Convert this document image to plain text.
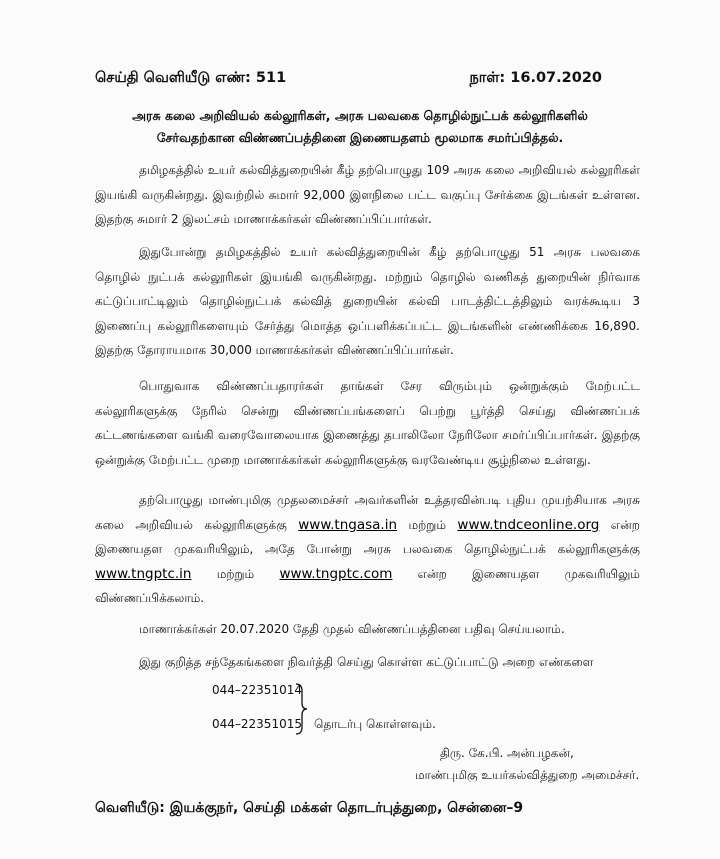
செய்தி வெளியீடு எண்: 511	நாள்: 16.07.2020
அரசு கலை அறிவியல் கல்லூரிகள், அரசு பலவகை தொழில்நுட்பக் கல்லூரிகளில்
சேர்வதற்கான விண்ணப்பத்தினை இணையதளம் மூலமாக சமர்ப்பித்தல்.
தமிழகத்தில் உயர் கல்வித்துறையின் கீழ் தற்பொழுது 109 அரசு கலை அறிவியல் கல்லூரிகள் இயங்கி வருகின்றது. இவற்றில் சுமார் 92,000 இளநிலை பட்ட வகுப்பு சேர்க்கை இடங்கள் உள்ளன. இதற்கு சுமார் 2 இலட்சம் மாணாக்கர்கள் விண்ணப்பிப்பார்கள்.
இதுபோன்று தமிழகத்தில் உயர் கல்வித்துறையின் கீழ் தற்பொழுது 51 அரசு பலவகை தொழில் நுட்பக் கல்லூரிகள் இயங்கி வருகின்றது. மற்றும் தொழில் வணிகத் துறையின் நிர்வாக கட்டுப்பாட்டிலும் தொழில்நுட்பக் கல்வித் துறையின் கல்வி பாடத்திட்டத்திலும் வரக்கூடிய 3 இணைப்பு கல்லூரிகளையும் சேர்த்து மொத்த ஒப்பளிக்கப்பட்ட இடங்களின் எண்ணிக்கை 16,890. இதற்கு தோராயமாக 30,000 மாணாக்கர்கள் விண்ணப்பிப்பார்கள்.
பொதுவாக விண்ணப்பதாரர்கள் தாங்கள் சேர விரும்பும் ஒன்றுக்கும் மேற்பட்ட கல்லூரிகளுக்கு நேரில் சென்று விண்ணப்பங்களைப் பெற்று பூர்த்தி செய்து விண்ணப்பக் கட்டணங்களை வங்கி வரைவோலையாக இணைத்து தபாலிலோ நேரிலோ சமர்ப்பிப்பார்கள். இதற்கு ஒன்றுக்கு மேற்பட்ட முறை மாணாக்கர்கள் கல்லூரிகளுக்கு வரவேண்டிய சூழ்நிலை உள்ளது.
தற்பொழுது மாண்புமிகு முதலமைச்சர் அவர்களின் உத்தரவின்படி புதிய முயற்சியாக அரசு கலை அறிவியல் கல்லூரிகளுக்கு www.tngasa.in மற்றும் www.tndceonline.org என்ற இணையதள முகவரியிலும், அதே போன்று அரசு பலவகை தொழில்நுட்பக் கல்லூரிகளுக்கு www.tngptc.in மற்றும் www.tngptc.com என்ற இணையதள முகவரியிலும் விண்ணப்பிக்கலாம்.
மாணாக்கர்கள் 20.07.2020 தேதி முதல் விண்ணப்பத்தினை பதிவு செய்யலாம்.
இது குறித்த சந்தேகங்களை நிவர்த்தி செய்து கொள்ள கட்டுப்பாட்டு அறை எண்களை
044–22351014
044–22351015 தொடர்பு கொள்ளவும்.
திரு. கே.பி. அன்பழகன்,
மாண்புமிகு உயர்கல்வித்துறை அமைச்சர்.
வெளியீடு: இயக்குநர், செய்தி மக்கள் தொடர்புத்துறை, சென்னை–9
